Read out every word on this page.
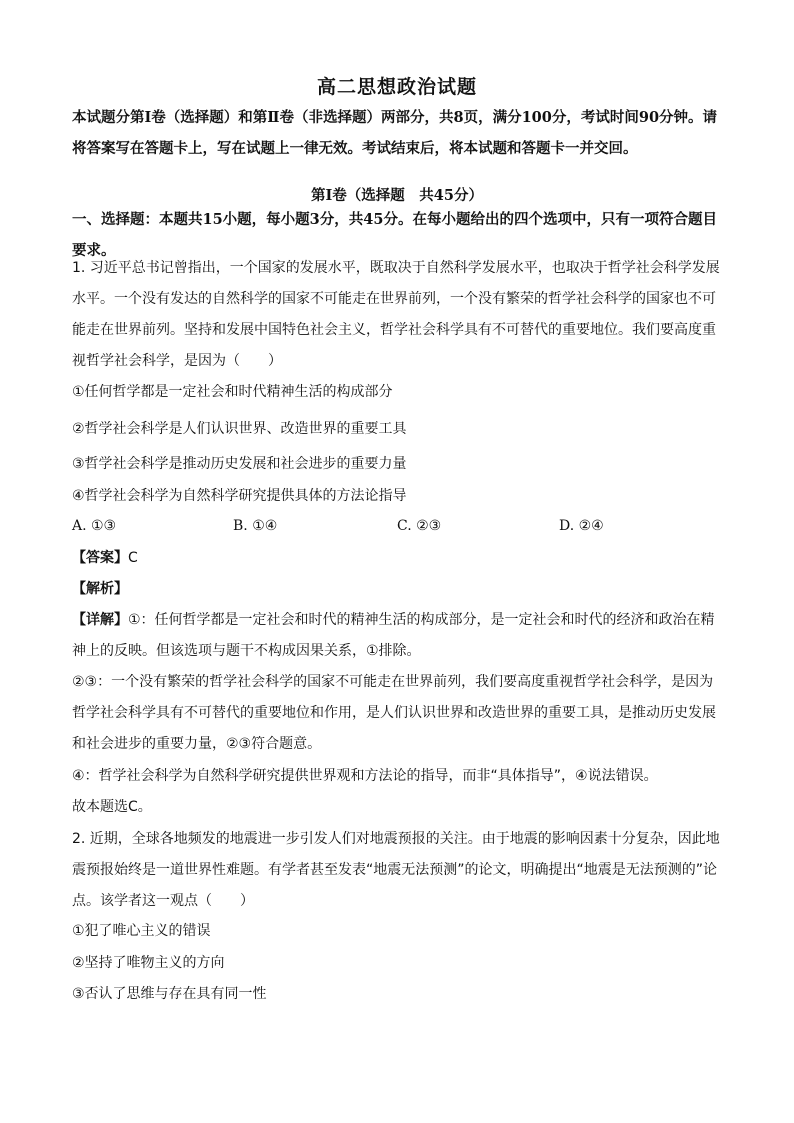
高二思想政治试题
本试题分第Ⅰ卷（选择题）和第Ⅱ卷（非选择题）两部分，共8页，满分100分，考试时间90分钟。请将答案写在答题卡上，写在试题上一律无效。考试结束后，将本试题和答题卡一并交回。
第Ⅰ卷（选择题　共45分）
一、选择题：本题共15小题，每小题3分，共45分。在每小题给出的四个选项中，只有一项符合题目要求。
1. 习近平总书记曾指出，一个国家的发展水平，既取决于自然科学发展水平，也取决于哲学社会科学发展水平。一个没有发达的自然科学的国家不可能走在世界前列，一个没有繁荣的哲学社会科学的国家也不可能走在世界前列。坚持和发展中国特色社会主义，哲学社会科学具有不可替代的重要地位。我们要高度重视哲学社会科学，是因为（　　）
①任何哲学都是一定社会和时代精神生活的构成部分
②哲学社会科学是人们认识世界、改造世界的重要工具
③哲学社会科学是推动历史发展和社会进步的重要力量
④哲学社会科学为自然科学研究提供具体的方法论指导
A. ①③	B. ①④	C. ②③	D. ②④
【答案】C
【解析】
【详解】①：任何哲学都是一定社会和时代的精神生活的构成部分，是一定社会和时代的经济和政治在精神上的反映。但该选项与题干不构成因果关系，①排除。
②③：一个没有繁荣的哲学社会科学的国家不可能走在世界前列，我们要高度重视哲学社会科学，是因为哲学社会科学具有不可替代的重要地位和作用，是人们认识世界和改造世界的重要工具，是推动历史发展和社会进步的重要力量，②③符合题意。
④：哲学社会科学为自然科学研究提供世界观和方法论的指导，而非“具体指导”，④说法错误。
故本题选C。
2. 近期，全球各地频发的地震进一步引发人们对地震预报的关注。由于地震的影响因素十分复杂，因此地震预报始终是一道世界性难题。有学者甚至发表“地震无法预测”的论文，明确提出“地震是无法预测的”论点。该学者这一观点（　　）
①犯了唯心主义的错误
②坚持了唯物主义的方向
③否认了思维与存在具有同一性
